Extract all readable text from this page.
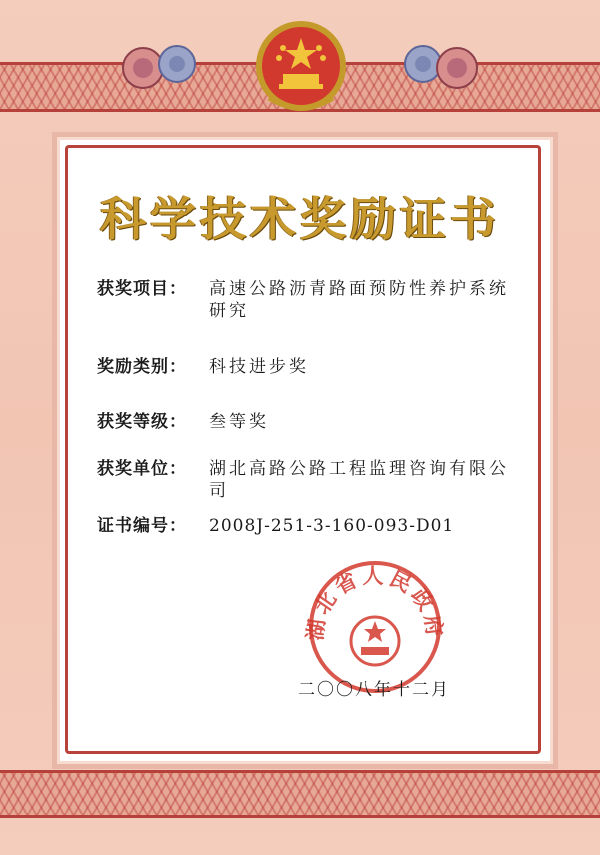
科学技术奖励证书
获奖项目：	高速公路沥青路面预防性养护系统研究
奖励类别：	科技进步奖
获奖等级：	叁等奖
获奖单位：	湖北高路公路工程监理咨询有限公司
证书编号：	2008J-251-3-160-093-D01
湖北省人民政府
二〇〇八年十二月
